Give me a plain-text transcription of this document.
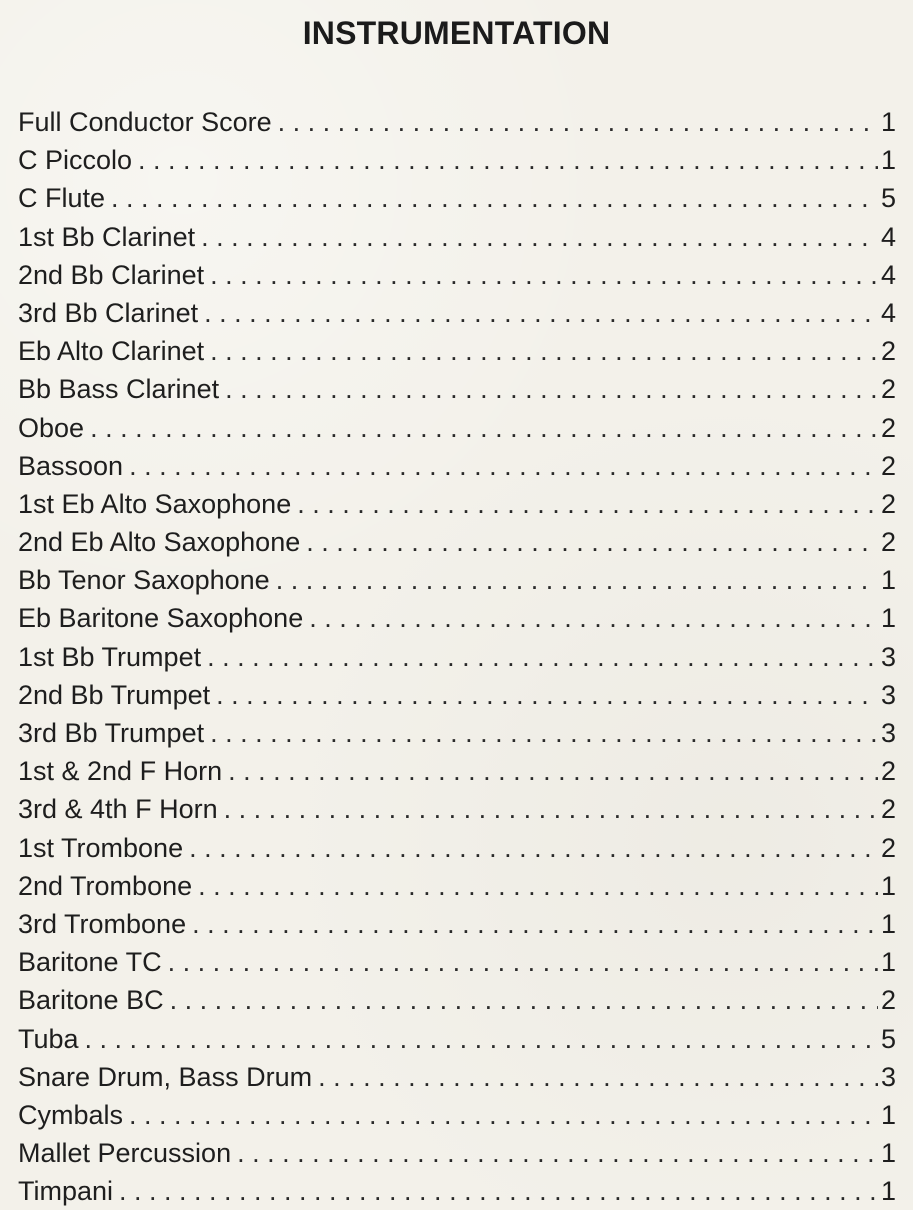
INSTRUMENTATION
Full Conductor Score .....	1
C Piccolo .....	1
C Flute .....	5
1st Bb Clarinet .....	4
2nd Bb Clarinet .....	4
3rd Bb Clarinet .....	4
Eb Alto Clarinet .....	2
Bb Bass Clarinet .....	2
Oboe .....	2
Bassoon .....	2
1st Eb Alto Saxophone .....	2
2nd Eb Alto Saxophone .....	2
Bb Tenor Saxophone .....	1
Eb Baritone Saxophone .....	1
1st Bb Trumpet .....	3
2nd Bb Trumpet .....	3
3rd Bb Trumpet .....	3
1st & 2nd F Horn .....	2
3rd & 4th F Horn .....	2
1st Trombone .....	2
2nd Trombone .....	1
3rd Trombone .....	1
Baritone TC .....	1
Baritone BC .....	2
Tuba .....	5
Snare Drum, Bass Drum .....	3
Cymbals .....	1
Mallet Percussion .....	1
Timpani .....	1
